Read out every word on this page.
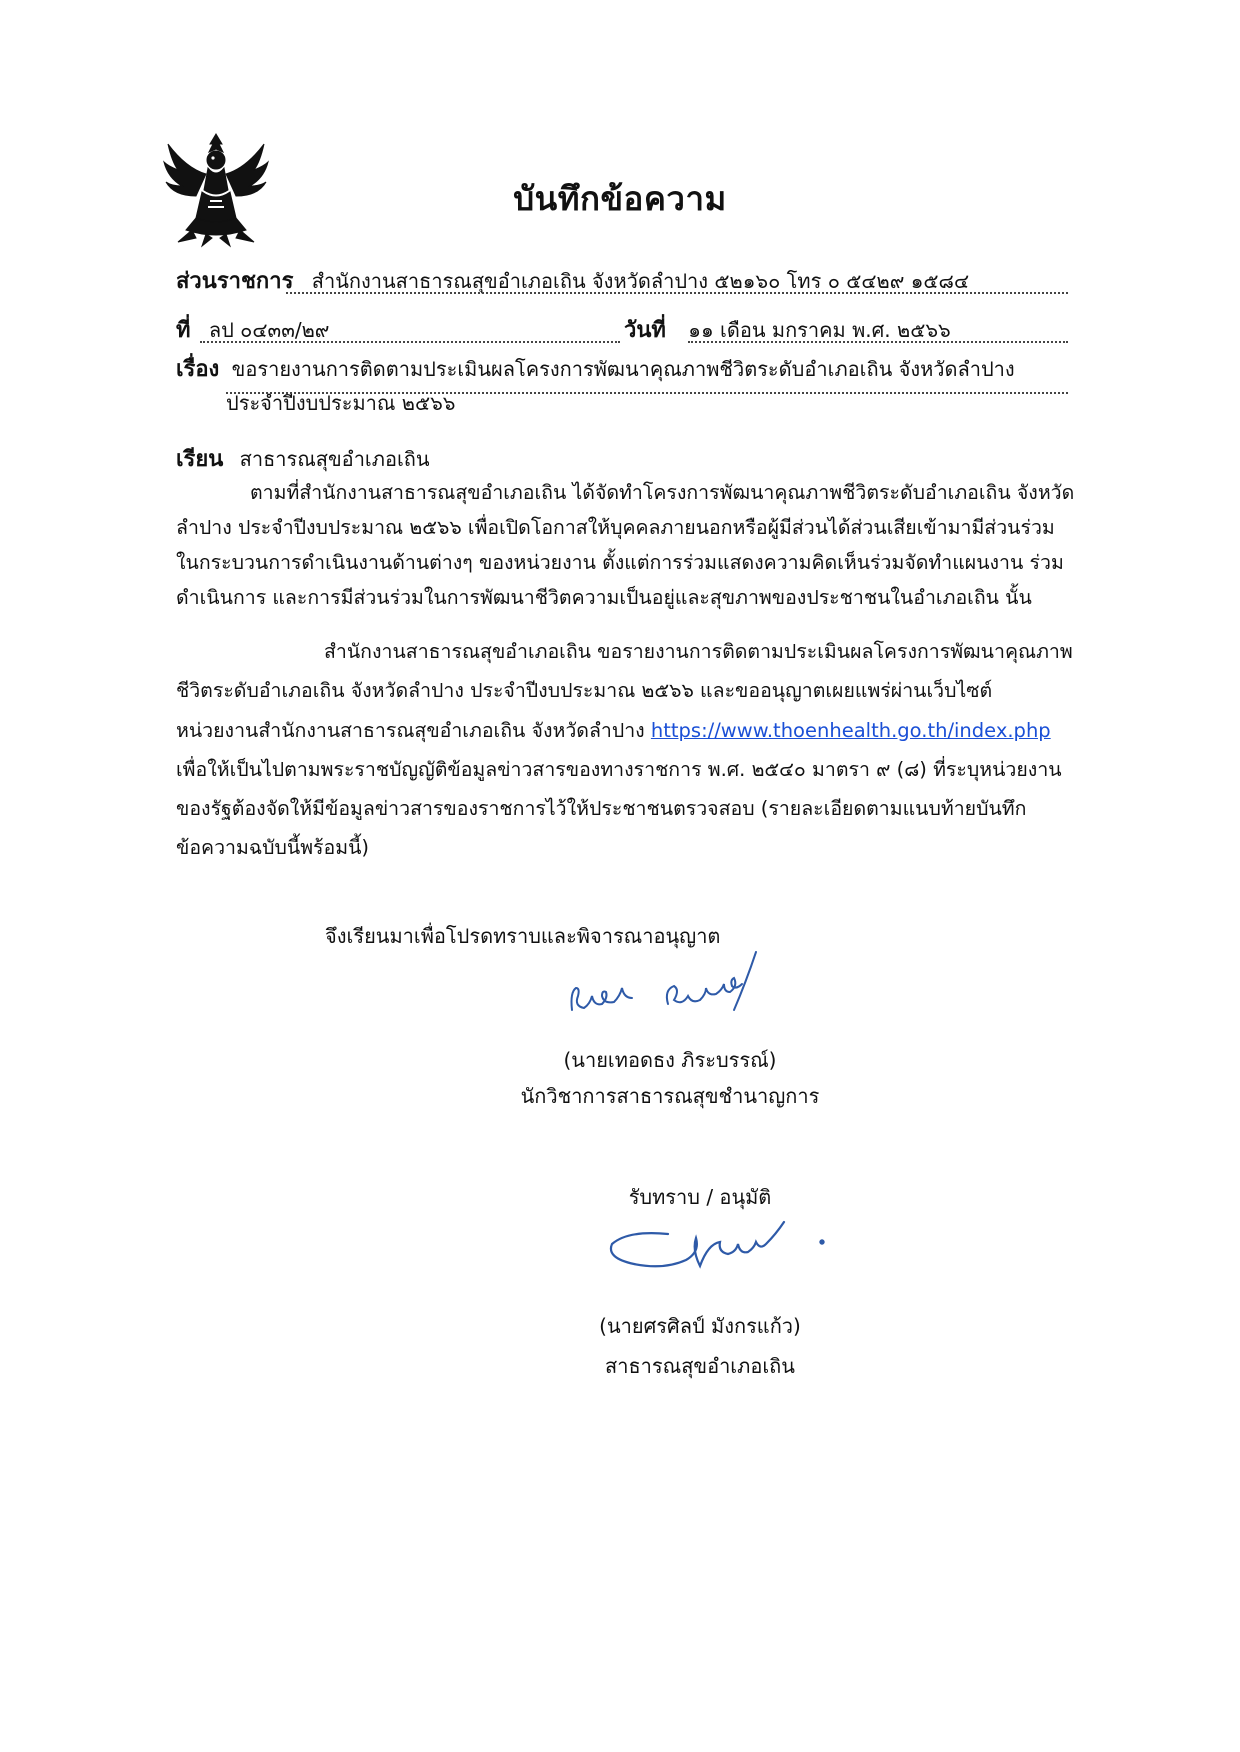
บันทึกข้อความ
ส่วนราชการ สำนักงานสาธารณสุขอำเภอเถิน จังหวัดลำปาง ๕๒๑๖๐ โทร ๐ ๕๔๒๙ ๑๕๘๔
ที่ ลป ๐๔๓๓/๒๙	วันที่ ๑๑ เดือน มกราคม พ.ศ. ๒๕๖๖
เรื่อง ขอรายงานการติดตามประเมินผลโครงการพัฒนาคุณภาพชีวิตระดับอำเภอเถิน จังหวัดลำปาง
ประจำปีงบประมาณ ๒๕๖๖
เรียน สาธารณสุขอำเภอเถิน
ตามที่สำนักงานสาธารณสุขอำเภอเถิน ได้จัดทำโครงการพัฒนาคุณภาพชีวิตระดับอำเภอเถิน จังหวัด
ลำปาง ประจำปีงบประมาณ ๒๕๖๖ เพื่อเปิดโอกาสให้บุคคลภายนอกหรือผู้มีส่วนได้ส่วนเสียเข้ามามีส่วนร่วม
ในกระบวนการดำเนินงานด้านต่างๆ ของหน่วยงาน ตั้งแต่การร่วมแสดงความคิดเห็นร่วมจัดทำแผนงาน ร่วม
ดำเนินการ และการมีส่วนร่วมในการพัฒนาชีวิตความเป็นอยู่และสุขภาพของประชาชนในอำเภอเถิน นั้น
สำนักงานสาธารณสุขอำเภอเถิน ขอรายงานการติดตามประเมินผลโครงการพัฒนาคุณภาพ
ชีวิตระดับอำเภอเถิน จังหวัดลำปาง ประจำปีงบประมาณ ๒๕๖๖ และขออนุญาตเผยแพร่ผ่านเว็บไซต์
หน่วยงานสำนักงานสาธารณสุขอำเภอเถิน จังหวัดลำปาง https://www.thoenhealth.go.th/index.php
เพื่อให้เป็นไปตามพระราชบัญญัติข้อมูลข่าวสารของทางราชการ พ.ศ. ๒๕๔๐ มาตรา ๙ (๘) ที่ระบุหน่วยงาน
ของรัฐต้องจัดให้มีข้อมูลข่าวสารของราชการไว้ให้ประชาชนตรวจสอบ (รายละเอียดตามแนบท้ายบันทึก
ข้อความฉบับนี้พร้อมนี้)
จึงเรียนมาเพื่อโปรดทราบและพิจารณาอนุญาต
(นายเทอดธง ภิระบรรณ์)
นักวิชาการสาธารณสุขชำนาญการ
รับทราบ / อนุมัติ
(นายศรศิลป์ มังกรแก้ว)
สาธารณสุขอำเภอเถิน
